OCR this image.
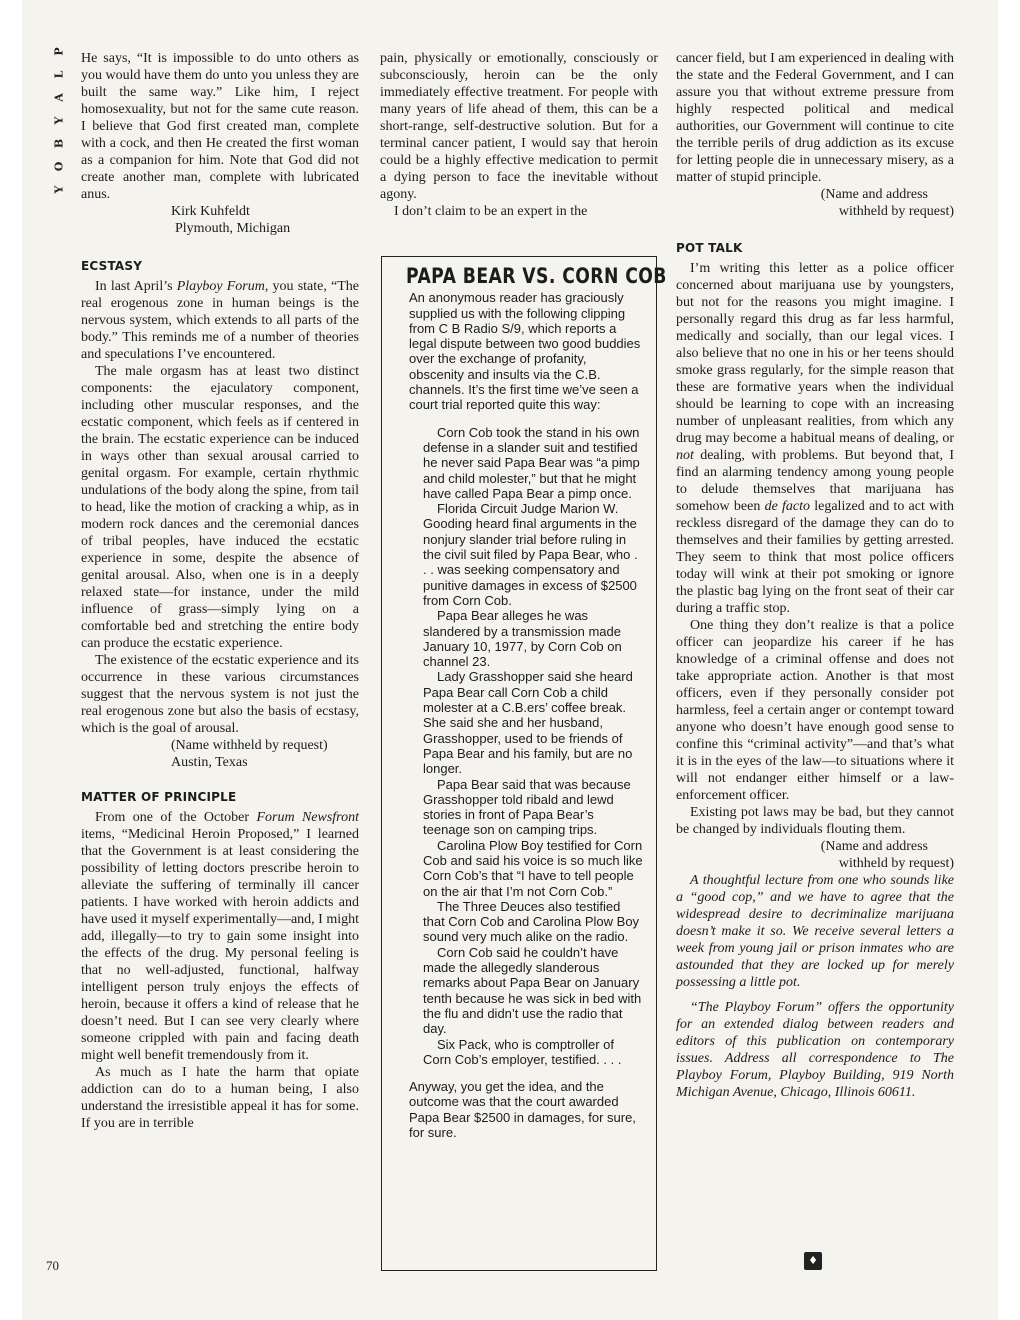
P
L
A
Y
B
O
Y

He says, “It is impossible to do unto others as you would have them do unto you unless they are built the same way.” Like him, I reject homosexuality, but not for the same cute reason. I believe that God first created man, complete with a cock, and then He created the first woman as a companion for him. Note that God did not create another man, complete with lubricated anus.

Kirk Kuhfeldt

Plymouth, Michigan

ECSTASY

In last April’s Playboy Forum, you state, “The real erogenous zone in human beings is the nervous system, which extends to all parts of the body.” This reminds me of a number of theories and speculations I’ve encountered.

The male orgasm has at least two distinct components: the ejaculatory component, including other muscular responses, and the ecstatic component, which feels as if centered in the brain. The ecstatic experience can be induced in ways other than sexual arousal carried to genital orgasm. For example, certain rhythmic undulations of the body along the spine, from tail to head, like the motion of cracking a whip, as in modern rock dances and the ceremonial dances of tribal peoples, have induced the ecstatic experience in some, despite the absence of genital arousal. Also, when one is in a deeply relaxed state—for instance, under the mild influence of grass—simply lying on a comfortable bed and stretching the entire body can produce the ecstatic experience.

The existence of the ecstatic experience and its occurrence in these various circumstances suggest that the nervous system is not just the real erogenous zone but also the basis of ecstasy, which is the goal of arousal.

(Name withheld by request)

Austin, Texas

MATTER OF PRINCIPLE

From one of the October Forum Newsfront items, “Medicinal Heroin Proposed,” I learned that the Government is at least considering the possibility of letting doctors prescribe heroin to alleviate the suffering of terminally ill cancer patients. I have worked with heroin addicts and have used it myself experimentally—and, I might add, illegally—to try to gain some insight into the effects of the drug. My personal feeling is that no well-adjusted, functional, halfway intelligent person truly enjoys the effects of heroin, because it offers a kind of release that he doesn’t need. But I can see very clearly where someone crippled with pain and facing death might well benefit tremendously from it.

As much as I hate the harm that opiate addiction can do to a human being, I also understand the irresistible appeal it has for some. If you are in terrible

pain, physically or emotionally, consciously or subconsciously, heroin can be the only immediately effective treatment. For people with many years of life ahead of them, this can be a short-range, self-destructive solution. But for a terminal cancer patient, I would say that heroin could be a highly effective medication to permit a dying person to face the inevitable without agony.

I don’t claim to be an expert in the

PAPA BEAR VS. CORN COB

An anonymous reader has graciously supplied us with the following clipping from C B Radio S/9, which reports a legal dispute between two good buddies over the exchange of profanity, obscenity and insults via the C.B. channels. It’s the first time we’ve seen a court trial reported quite this way:

Corn Cob took the stand in his own defense in a slander suit and testified he never said Papa Bear was “a pimp and child molester,” but that he might have called Papa Bear a pimp once.

Florida Circuit Judge Marion W. Gooding heard final arguments in the nonjury slander trial before ruling in the civil suit filed by Papa Bear, who . . . was seeking compensatory and punitive damages in excess of $2500 from Corn Cob.

Papa Bear alleges he was slandered by a transmission made January 10, 1977, by Corn Cob on channel 23.

Lady Grasshopper said she heard Papa Bear call Corn Cob a child molester at a C.B.ers’ coffee break. She said she and her husband, Grasshopper, used to be friends of Papa Bear and his family, but are no longer.

Papa Bear said that was because Grasshopper told ribald and lewd stories in front of Papa Bear’s teenage son on camping trips.

Carolina Plow Boy testified for Corn Cob and said his voice is so much like Corn Cob’s that “I have to tell people on the air that I’m not Corn Cob.”

The Three Deuces also testified that Corn Cob and Carolina Plow Boy sound very much alike on the radio.

Corn Cob said he couldn’t have made the allegedly slanderous remarks about Papa Bear on January tenth because he was sick in bed with the flu and didn’t use the radio that day.

Six Pack, who is comptroller of Corn Cob’s employer, testified. . . .

Anyway, you get the idea, and the outcome was that the court awarded Papa Bear $2500 in damages, for sure, for sure.

cancer field, but I am experienced in dealing with the state and the Federal Government, and I can assure you that without extreme pressure from highly respected political and medical authorities, our Government will continue to cite the terrible perils of drug addiction as its excuse for letting people die in unnecessary misery, as a matter of stupid principle.

(Name and address

withheld by request)

POT TALK

I’m writing this letter as a police officer concerned about marijuana use by youngsters, but not for the reasons you might imagine. I personally regard this drug as far less harmful, medically and socially, than our legal vices. I also believe that no one in his or her teens should smoke grass regularly, for the simple reason that these are formative years when the individual should be learning to cope with an increasing number of unpleasant realities, from which any drug may become a habitual means of dealing, or not dealing, with problems. But beyond that, I find an alarming tendency among young people to delude themselves that marijuana has somehow been de facto legalized and to act with reckless disregard of the damage they can do to themselves and their families by getting arrested. They seem to think that most police officers today will wink at their pot smoking or ignore the plastic bag lying on the front seat of their car during a traffic stop.

One thing they don’t realize is that a police officer can jeopardize his career if he has knowledge of a criminal offense and does not take appropriate action. Another is that most officers, even if they personally consider pot harmless, feel a certain anger or contempt toward anyone who doesn’t have enough good sense to confine this “criminal activity”—and that’s what it is in the eyes of the law—to situations where it will not endanger either himself or a law-enforcement officer.

Existing pot laws may be bad, but they cannot be changed by individuals flouting them.

(Name and address

withheld by request)

A thoughtful lecture from one who sounds like a “good cop,” and we have to agree that the widespread desire to decriminalize marijuana doesn’t make it so. We receive several letters a week from young jail or prison inmates who are astounded that they are locked up for merely possessing a little pot.

“The Playboy Forum” offers the opportunity for an extended dialog between readers and editors of this publication on contemporary issues. Address all correspondence to The Playboy Forum, Playboy Building, 919 North Michigan Avenue, Chicago, Illinois 60611.

♦
70
